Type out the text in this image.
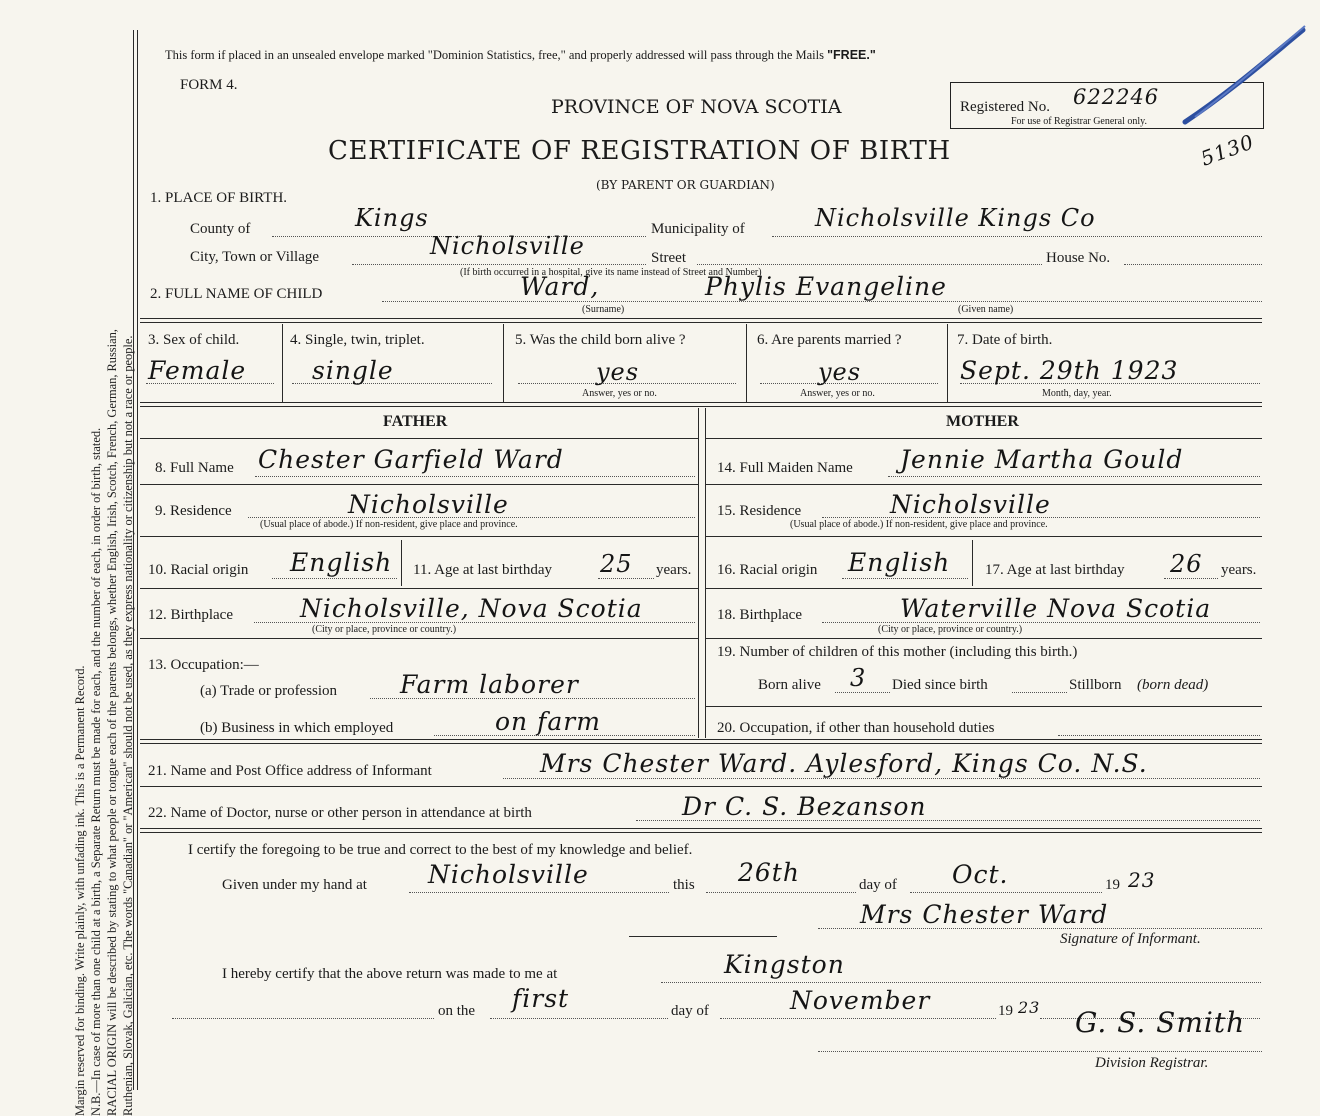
Margin reserved for binding. Write plainly, with unfading ink. This is a Permanent Record. N.B.—In case of more than one child at a birth, a Separate Return must be made for each, and the number of each, in order of birth, stated. RACIAL ORIGIN will be described by stating to what people or tongue each of the parents belongs, whether English, Irish, Scotch, French, German, Russian, Ruthenian, Slovak, Galician, etc. The words "Canadian" or "American" should not be used, as they express nationality or citizenship but not a race or people.
This form if placed in an unsealed envelope marked "Dominion Statistics, free," and properly addressed will pass through the Mails "FREE."
FORM 4.
PROVINCE OF NOVA SCOTIA
CERTIFICATE OF REGISTRATION OF BIRTH
(BY PARENT OR GUARDIAN)
Registered No. 622246
For use of Registrar General only.
5130
1. PLACE OF BIRTH.
County of	Kings	Municipality of	Nicholsville Kings Co
City, Town or Village	Nicholsville	Street	House No.
(If birth occurred in a hospital, give its name instead of Street and Number)
2. FULL NAME OF CHILD	Ward,	Phylis Evangeline
(Surname)	(Given name)
3. Sex of child.
Female
4. Single, twin, triplet.
single
5. Was the child born alive ?
yes
Answer, yes or no.
6. Are parents married ?
yes
Answer, yes or no.
7. Date of birth.
Sept. 29th 1923
Month, day, year.
FATHER	MOTHER
8. Full Name Chester Garfield Ward	14. Full Maiden Name Jennie Martha Gould
9. Residence	Nicholsville
(Usual place of abode.) If non-resident, give place and province.
15. Residence	Nicholsville
(Usual place of abode.) If non-resident, give place and province.
10. Racial origin English 11. Age at last birthday 25 years. 16. Racial origin English 17. Age at last birthday 26 years.
12. Birthplace	Nicholsville, Nova Scotia
(City or place, province or country.)
18. Birthplace	Waterville Nova Scotia
(City or place, province or country.)
13. Occupation:—
(a) Trade or profession	Farm laborer
(b) Business in which employed	on farm
19. Number of children of this mother (including this birth.)
Born alive 3 Died since birth	Stillborn (born dead)
20. Occupation, if other than household duties
21. Name and Post Office address of Informant	Mrs Chester Ward. Aylesford, Kings Co. N.S.
22. Name of Doctor, nurse or other person in attendance at birth	Dr C. S. Bezanson
I certify the foregoing to be true and correct to the best of my knowledge and belief.
Given under my hand at Nicholsville	this 26th	day of Oct.	19 23
Mrs Chester Ward
Signature of Informant.
I hereby certify that the above return was made to me at	Kingston
on the first	day of	November	19 23 G. S. Smith
Division Registrar.
